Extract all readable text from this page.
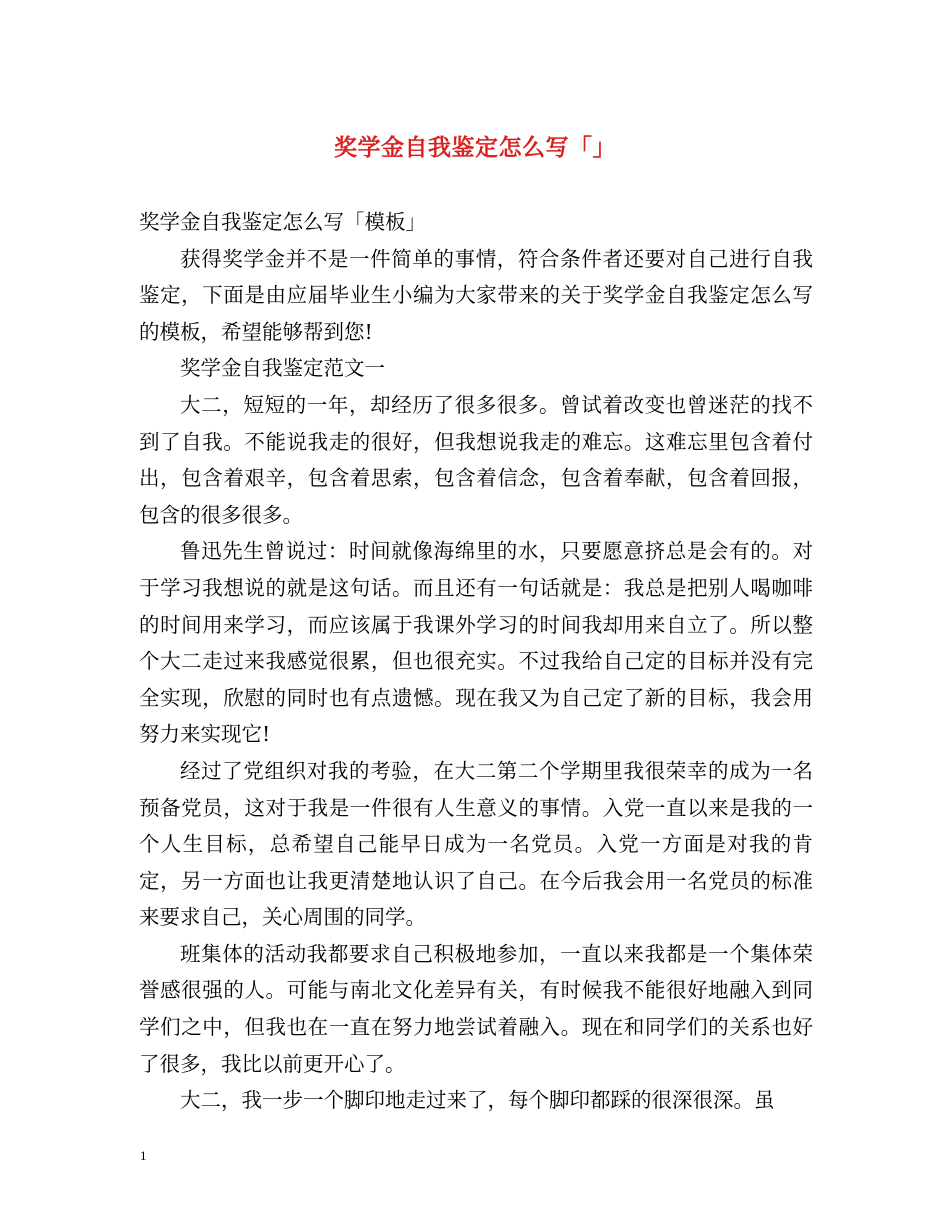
奖学金自我鉴定怎么写「」

奖学金自我鉴定怎么写「模板」

获得奖学金并不是一件简单的事情，符合条件者还要对自己进行自我鉴定，下面是由应届毕业生小编为大家带来的关于奖学金自我鉴定怎么写的模板，希望能够帮到您!

奖学金自我鉴定范文一

大二，短短的一年，却经历了很多很多。曾试着改变也曾迷茫的找不到了自我。不能说我走的很好，但我想说我走的难忘。这难忘里包含着付出，包含着艰辛，包含着思索，包含着信念，包含着奉献，包含着回报，包含的很多很多。

鲁迅先生曾说过：时间就像海绵里的水，只要愿意挤总是会有的。对于学习我想说的就是这句话。而且还有一句话就是：我总是把别人喝咖啡的时间用来学习，而应该属于我课外学习的时间我却用来自立了。所以整个大二走过来我感觉很累，但也很充实。不过我给自己定的目标并没有完全实现，欣慰的同时也有点遗憾。现在我又为自己定了新的目标，我会用努力来实现它!

经过了党组织对我的考验，在大二第二个学期里我很荣幸的成为一名预备党员，这对于我是一件很有人生意义的事情。入党一直以来是我的一个人生目标，总希望自己能早日成为一名党员。入党一方面是对我的肯定，另一方面也让我更清楚地认识了自己。在今后我会用一名党员的标准来要求自己，关心周围的同学。

班集体的活动我都要求自己积极地参加，一直以来我都是一个集体荣誉感很强的人。可能与南北文化差异有关，有时候我不能很好地融入到同学们之中，但我也在一直在努力地尝试着融入。现在和同学们的关系也好了很多，我比以前更开心了。

大二，我一步一个脚印地走过来了，每个脚印都踩的很深很深。虽

1
